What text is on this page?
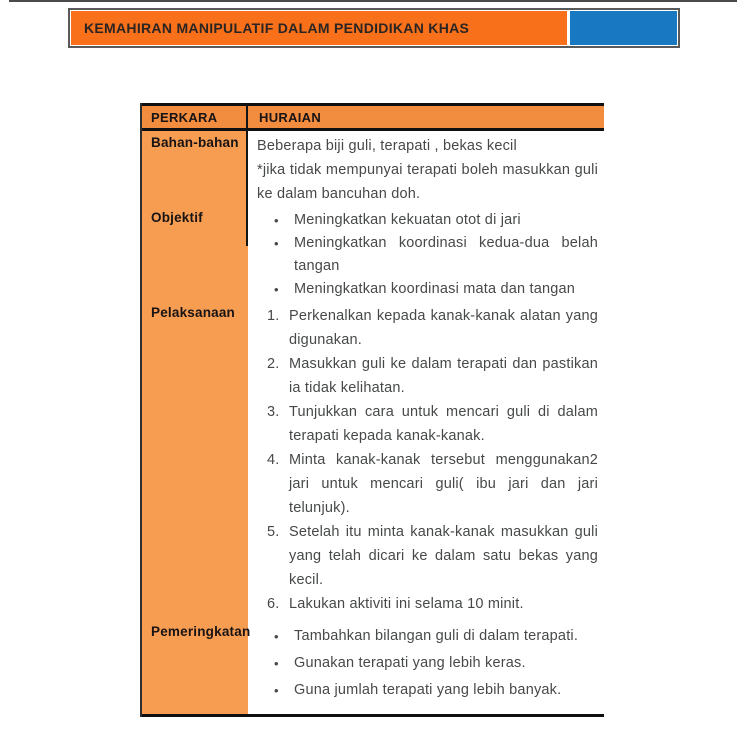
KEMAHIRAN MANIPULATIF DALAM PENDIDIKAN KHAS
PERKARA	HURAIAN
Bahan-bahan	Beberapa biji guli, terapati , bekas kecil

*jika tidak mempunyai terapati boleh masukkan guli ke dalam bancuhan doh.

Objektif	•	Meningkatkan kekuatan otot di jari
•	Meningkatkan koordinasi kedua-dua belah tangan
•	Meningkatkan koordinasi mata dan tangan
Pelaksanaan	1. Perkenalkan kepada kanak-kanak alatan yang digunakan.
2. Masukkan guli ke dalam terapati dan pastikan ia tidak kelihatan.
3. Tunjukkan cara untuk mencari guli di dalam terapati kepada kanak-kanak.
4. Minta kanak-kanak tersebut menggunakan2 jari untuk mencari guli( ibu jari dan jari telunjuk).
5. Setelah itu minta kanak-kanak masukkan guli yang telah dicari ke dalam satu bekas yang kecil.
6. Lakukan aktiviti ini selama 10 minit.
Pemeringkatan •	Tambahkan bilangan guli di dalam terapati.
•	Gunakan terapati yang lebih keras.
•	Guna jumlah terapati yang lebih banyak.
